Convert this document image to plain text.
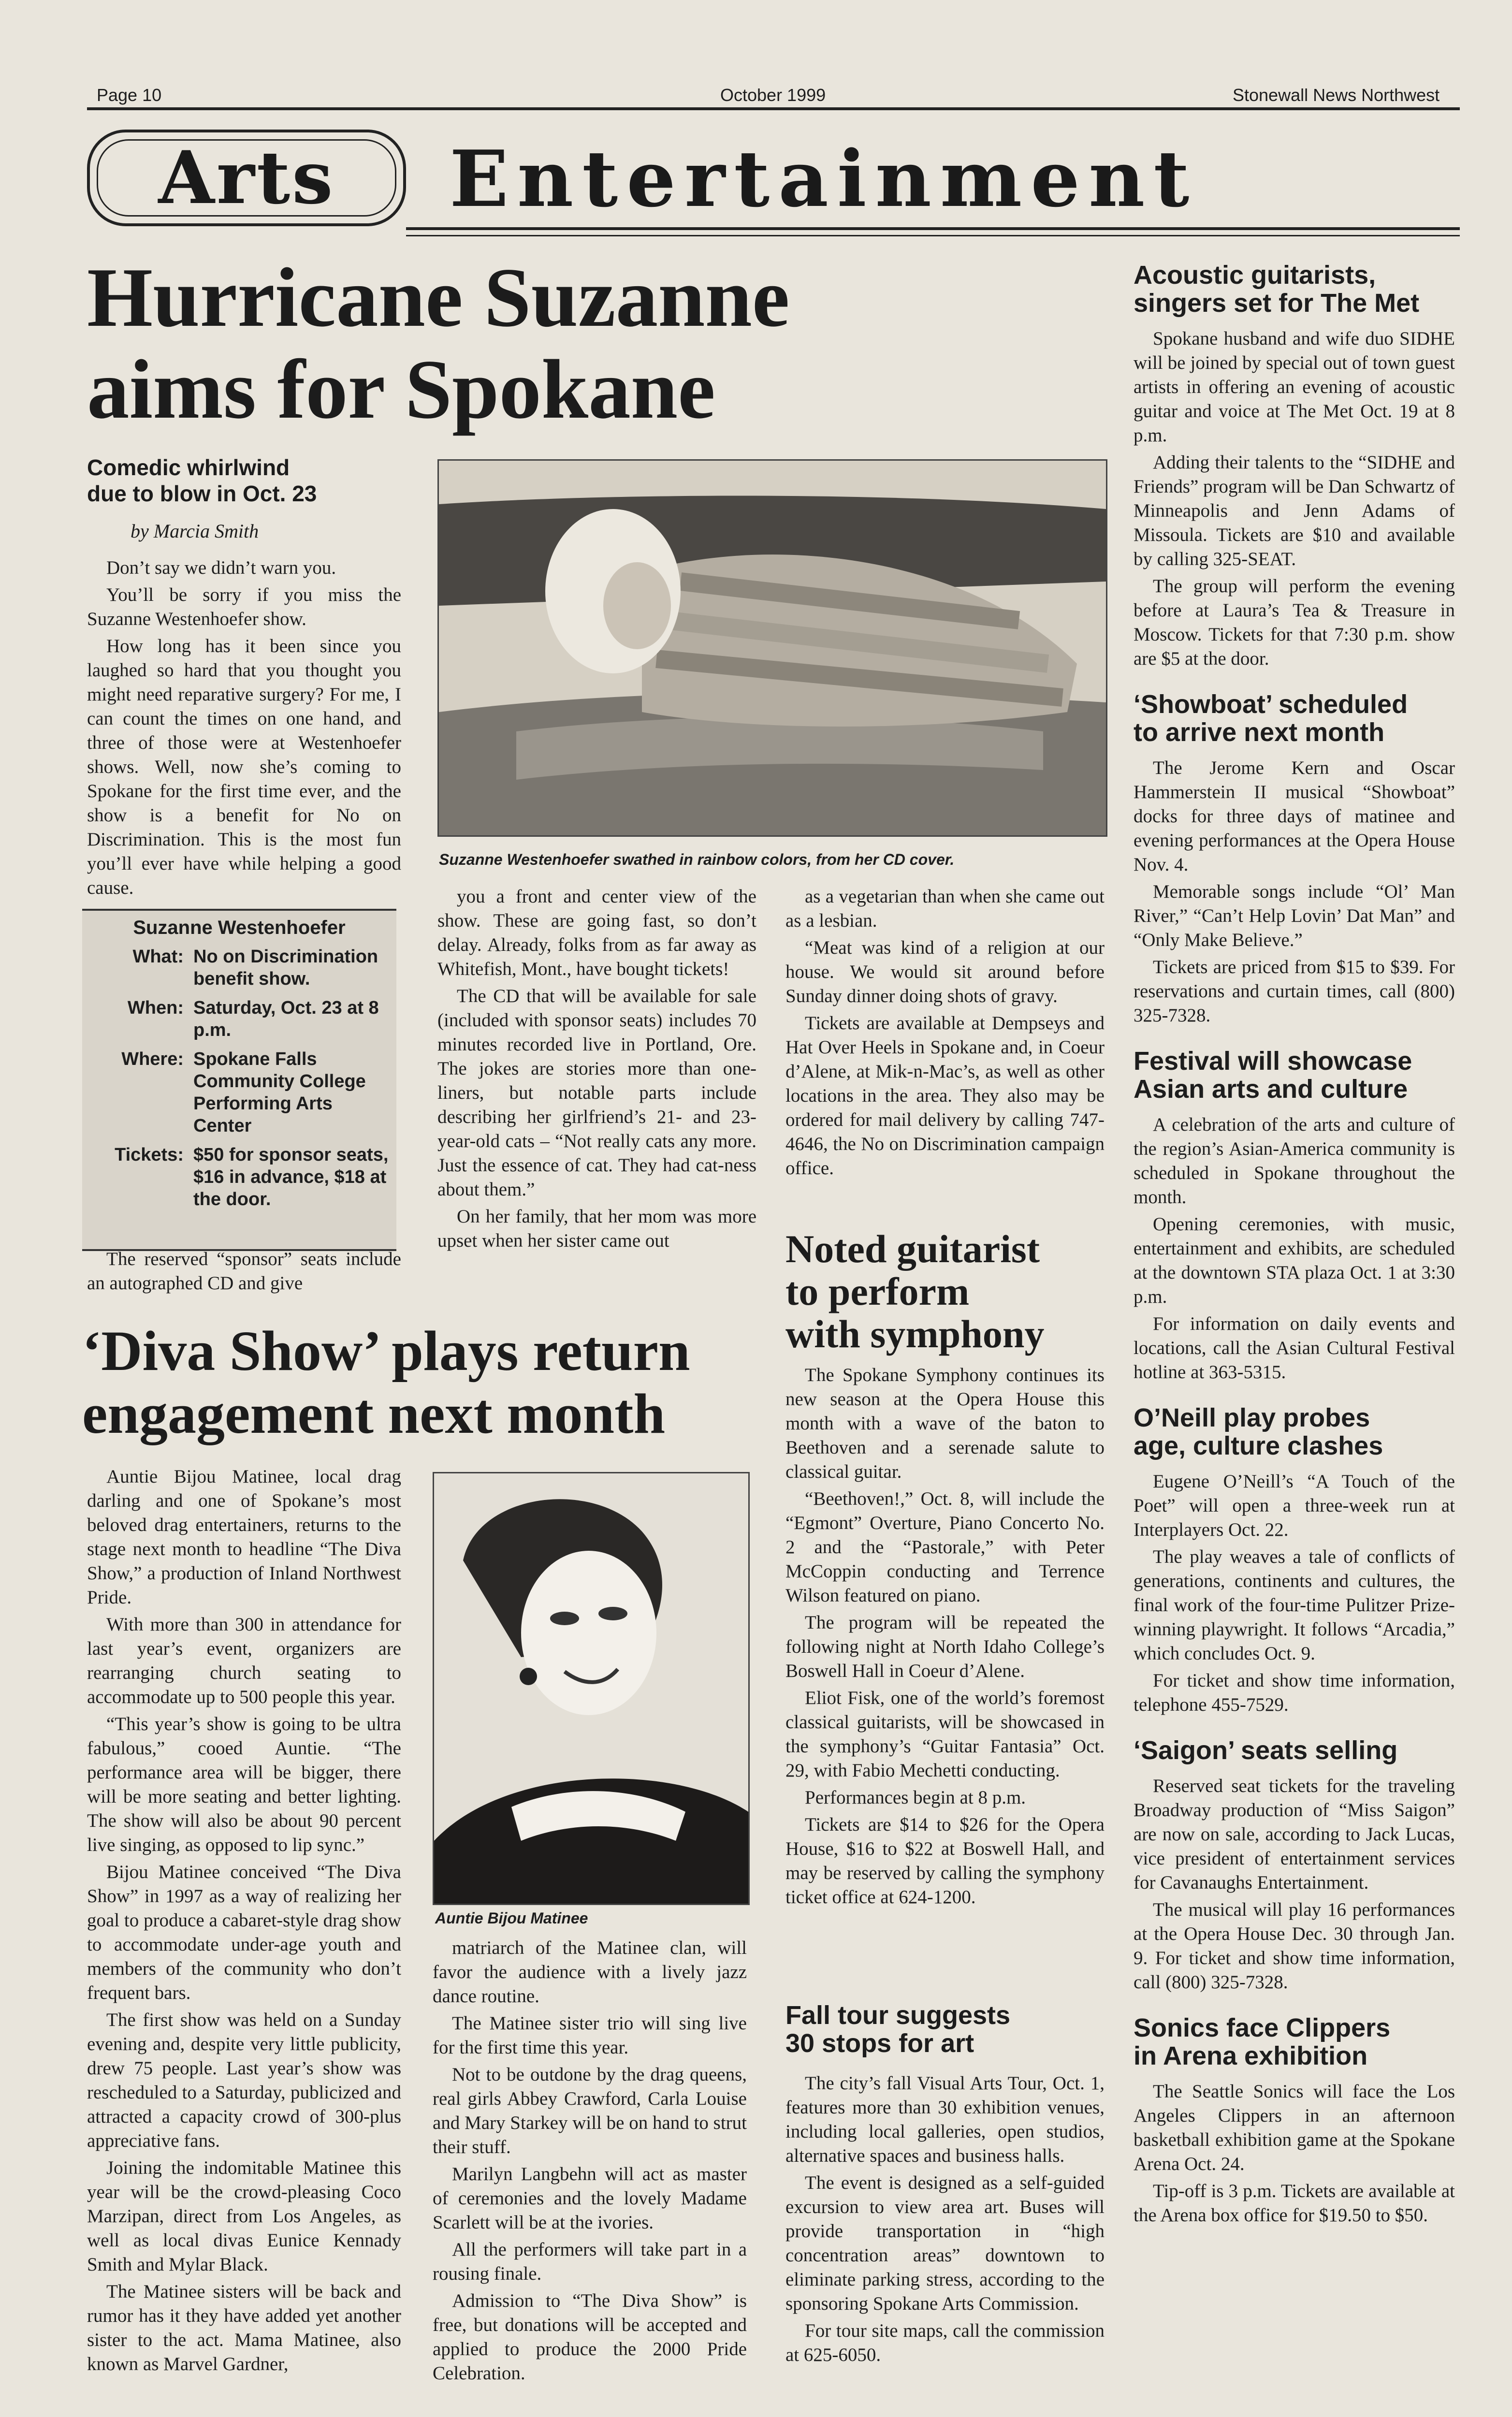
Page 10	October 1999	Stonewall News Northwest
Arts Entertainment
Hurricane Suzanne
aims for Spokane
Comedic whirlwind
due to blow in Oct. 23
by Marcia Smith

Don’t say we didn’t warn you.

You’ll be sorry if you miss the Suzanne Westenhoefer show.

How long has it been since you laughed so hard that you thought you might need reparative surgery? For me, I can count the times on one hand, and three of those were at Westenhoefer shows. Well, now she’s coming to Spokane for the first time ever, and the show is a benefit for No on Discrimination. This is the most fun you’ll ever have while helping a good cause.

Suzanne Westenhoefer
What: No on Discrimination benefit show.
When: Saturday, Oct. 23 at 8 p.m.
Where: Spokane Falls Community College Performing Arts Center
Tickets: $50 for sponsor seats, $16 in advance, $18 at the door.

The reserved “sponsor” seats include an autographed CD and give

Suzanne Westenhoefer swathed in rainbow colors, from her CD cover.

you a front and center view of the show. These are going fast, so don’t delay. Already, folks from as far away as Whitefish, Mont., have bought tickets!

The CD that will be available for sale (included with sponsor seats) includes 70 minutes recorded live in Portland, Ore. The jokes are stories more than one-liners, but notable parts include describing her girlfriend’s 21- and 23-year-old cats – “Not really cats any more. Just the essence of cat. They had cat-ness about them.”

On her family, that her mom was more upset when her sister came out

as a vegetarian than when she came out as a lesbian.

“Meat was kind of a religion at our house. We would sit around before Sunday dinner doing shots of gravy.

Tickets are available at Dempseys and Hat Over Heels in Spokane and, in Coeur d’Alene, at Mik-n-Mac’s, as well as other locations in the area. They also may be ordered for mail delivery by calling 747-4646, the No on Discrimination campaign office.

‘Diva Show’ plays return
engagement next month

Auntie Bijou Matinee, local drag darling and one of Spokane’s most beloved drag entertainers, returns to the stage next month to headline “The Diva Show,” a production of Inland Northwest Pride.

With more than 300 in attendance for last year’s event, organizers are rearranging church seating to accommodate up to 500 people this year.

“This year’s show is going to be ultra fabulous,” cooed Auntie. “The performance area will be bigger, there will be more seating and better lighting. The show will also be about 90 percent live singing, as opposed to lip sync.”

Bijou Matinee conceived “The Diva Show” in 1997 as a way of realizing her goal to produce a cabaret-style drag show to accommodate under-age youth and members of the community who don’t frequent bars.

The first show was held on a Sunday evening and, despite very little publicity, drew 75 people. Last year’s show was rescheduled to a Saturday, publicized and attracted a capacity crowd of 300-plus appreciative fans.

Joining the indomitable Matinee this year will be the crowd-pleasing Coco Marzipan, direct from Los Angeles, as well as local divas Eunice Kennady Smith and Mylar Black.

The Matinee sisters will be back and rumor has it they have added yet another sister to the act. Mama Matinee, also known as Marvel Gardner,

Auntie Bijou Matinee

matriarch of the Matinee clan, will favor the audience with a lively jazz dance routine.

The Matinee sister trio will sing live for the first time this year.

Not to be outdone by the drag queens, real girls Abbey Crawford, Carla Louise and Mary Starkey will be on hand to strut their stuff.

Marilyn Langbehn will act as master of ceremonies and the lovely Madame Scarlett will be at the ivories.

All the performers will take part in a rousing finale.

Admission to “The Diva Show” is free, but donations will be accepted and applied to produce the 2000 Pride Celebration.

Noted guitarist
to perform
with symphony

The Spokane Symphony continues its new season at the Opera House this month with a wave of the baton to Beethoven and a serenade salute to classical guitar.

“Beethoven!,” Oct. 8, will include the “Egmont” Overture, Piano Concerto No. 2 and the “Pastorale,” with Peter McCoppin conducting and Terrence Wilson featured on piano.

The program will be repeated the following night at North Idaho College’s Boswell Hall in Coeur d’Alene.

Eliot Fisk, one of the world’s foremost classical guitarists, will be showcased in the symphony’s “Guitar Fantasia” Oct. 29, with Fabio Mechetti conducting.

Performances begin at 8 p.m.

Tickets are $14 to $26 for the Opera House, $16 to $22 at Boswell Hall, and may be reserved by calling the symphony ticket office at 624-1200.

Fall tour suggests
30 stops for art

The city’s fall Visual Arts Tour, Oct. 1, features more than 30 exhibition venues, including local galleries, open studios, alternative spaces and business halls.

The event is designed as a self-guided excursion to view area art. Buses will provide transportation in “high concentration areas” downtown to eliminate parking stress, according to the sponsoring Spokane Arts Commission.

For tour site maps, call the commission at 625-6050.

Acoustic guitarists,
singers set for The Met

Spokane husband and wife duo SIDHE will be joined by special out of town guest artists in offering an evening of acoustic guitar and voice at The Met Oct. 19 at 8 p.m.

Adding their talents to the “SIDHE and Friends” program will be Dan Schwartz of Minneapolis and Jenn Adams of Missoula. Tickets are $10 and available by calling 325-SEAT.

The group will perform the evening before at Laura’s Tea & Treasure in Moscow. Tickets for that 7:30 p.m. show are $5 at the door.

‘Showboat’ scheduled
to arrive next month

The Jerome Kern and Oscar Hammerstein II musical “Showboat” docks for three days of matinee and evening performances at the Opera House Nov. 4.

Memorable songs include “Ol’ Man River,” “Can’t Help Lovin’ Dat Man” and “Only Make Believe.”

Tickets are priced from $15 to $39. For reservations and curtain times, call (800) 325-7328.

Festival will showcase
Asian arts and culture

A celebration of the arts and culture of the region’s Asian-America community is scheduled in Spokane throughout the month.

Opening ceremonies, with music, entertainment and exhibits, are scheduled at the downtown STA plaza Oct. 1 at 3:30 p.m.

For information on daily events and locations, call the Asian Cultural Festival hotline at 363-5315.

O’Neill play probes
age, culture clashes

Eugene O’Neill’s “A Touch of the Poet” will open a three-week run at Interplayers Oct. 22.

The play weaves a tale of conflicts of generations, continents and cultures, the final work of the four-time Pulitzer Prize-winning playwright. It follows “Arcadia,” which concludes Oct. 9.

For ticket and show time information, telephone 455-7529.

‘Saigon’ seats selling

Reserved seat tickets for the traveling Broadway production of “Miss Saigon” are now on sale, according to Jack Lucas, vice president of entertainment services for Cavanaughs Entertainment.

The musical will play 16 performances at the Opera House Dec. 30 through Jan. 9. For ticket and show time information, call (800) 325-7328.

Sonics face Clippers
in Arena exhibition

The Seattle Sonics will face the Los Angeles Clippers in an afternoon basketball exhibition game at the Spokane Arena Oct. 24.

Tip-off is 3 p.m. Tickets are available at the Arena box office for $19.50 to $50.
